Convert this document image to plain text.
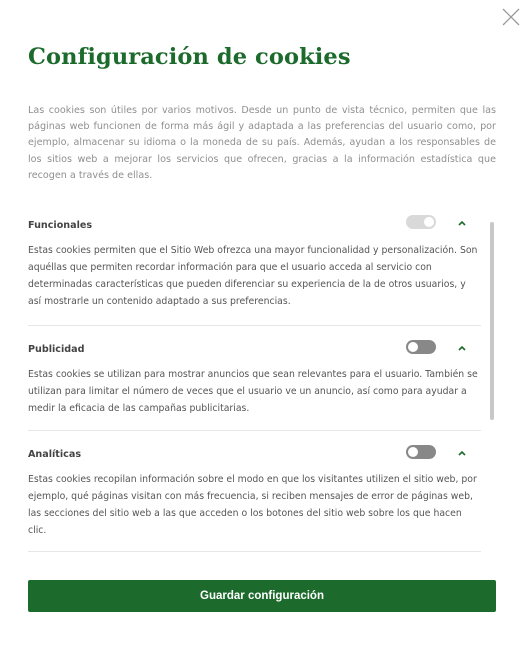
Configuración de cookies

Las cookies son útiles por varios motivos. Desde un punto de vista técnico, permiten que las páginas web funcionen de forma más ágil y adaptada a las preferencias del usuario como, por ejemplo, almacenar su idioma o la moneda de su país. Además, ayudan a los responsables de los sitios web a mejorar los servicios que ofrecen, gracias a la información estadística que recogen a través de ellas.

Funcionales

Estas cookies permiten que el Sitio Web ofrezca una mayor funcionalidad y personalización. Son aquéllas que permiten recordar información para que el usuario acceda al servicio con determinadas características que pueden diferenciar su experiencia de la de otros usuarios, y así mostrarle un contenido adaptado a sus preferencias.

Publicidad

Estas cookies se utilizan para mostrar anuncios que sean relevantes para el usuario. También se utilizan para limitar el número de veces que el usuario ve un anuncio, así como para ayudar a medir la eficacia de las campañas publicitarias.

Analíticas

Estas cookies recopilan información sobre el modo en que los visitantes utilizen el sitio web, por ejemplo, qué páginas visitan con más frecuencia, si reciben mensajes de error de páginas web, las secciones del sitio web a las que acceden o los botones del sitio web sobre los que hacen clic.

Guardar configuración
